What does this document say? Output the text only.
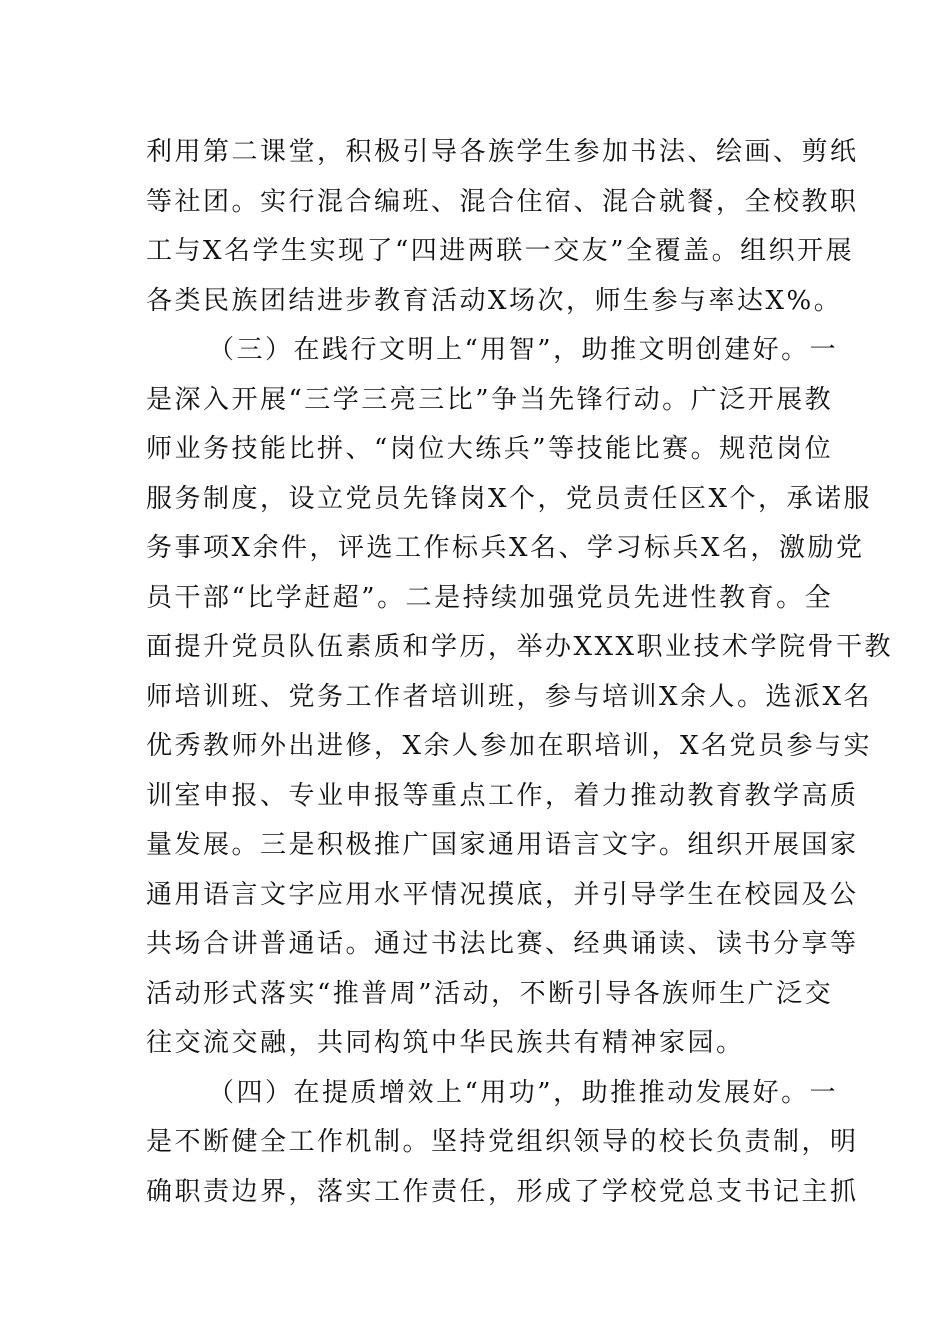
利用第二课堂，积极引导各族学生参加书法、绘画、剪纸
等社团。实行混合编班、混合住宿、混合就餐，全校教职
工与X名学生实现了“四进两联一交友”全覆盖。组织开展
各类民族团结进步教育活动X场次，师生参与率达X%。
（三）在践行文明上“用智”，助推文明创建好。一
是深入开展“三学三亮三比”争当先锋行动。广泛开展教
师业务技能比拼、“岗位大练兵”等技能比赛。规范岗位
服务制度，设立党员先锋岗X个，党员责任区X个，承诺服
务事项X余件，评选工作标兵X名、学习标兵X名，激励党
员干部“比学赶超”。二是持续加强党员先进性教育。全
面提升党员队伍素质和学历，举办XXX职业技术学院骨干教
师培训班、党务工作者培训班，参与培训X余人。选派X名
优秀教师外出进修，X余人参加在职培训，X名党员参与实
训室申报、专业申报等重点工作，着力推动教育教学高质
量发展。三是积极推广国家通用语言文字。组织开展国家
通用语言文字应用水平情况摸底，并引导学生在校园及公
共场合讲普通话。通过书法比赛、经典诵读、读书分享等
活动形式落实“推普周”活动，不断引导各族师生广泛交
往交流交融，共同构筑中华民族共有精神家园。
（四）在提质增效上“用功”，助推推动发展好。一
是不断健全工作机制。坚持党组织领导的校长负责制，明
确职责边界，落实工作责任，形成了学校党总支书记主抓
